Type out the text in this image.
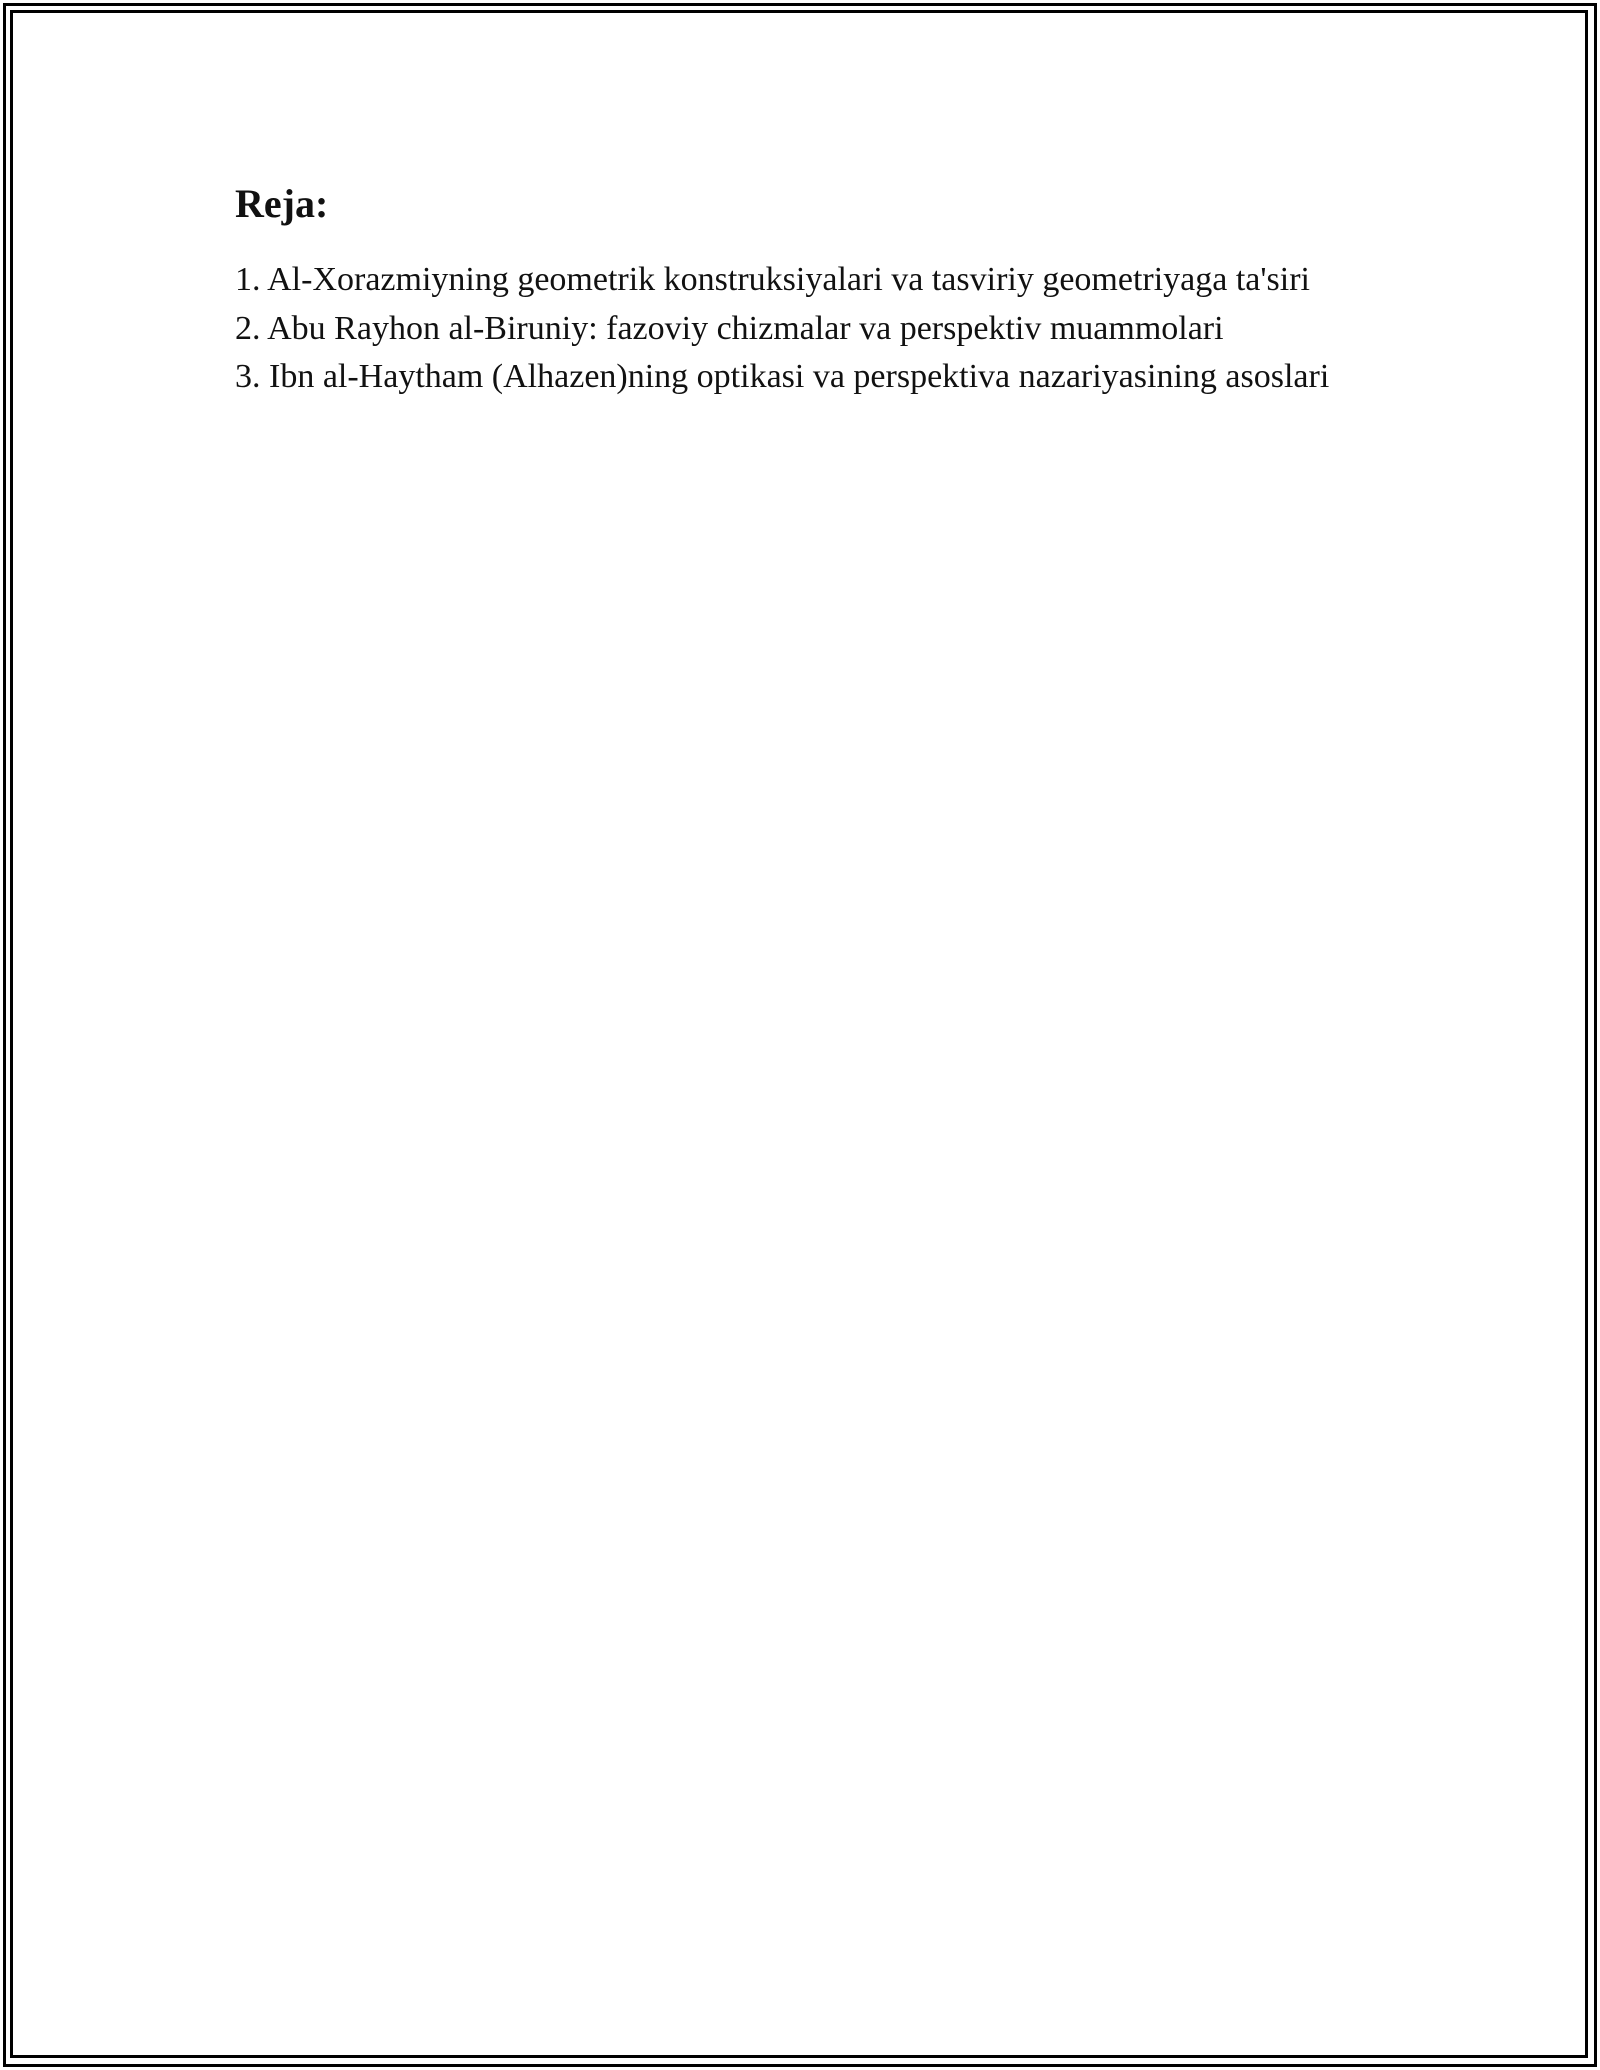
Reja:
1. Al-Xorazmiyning geometrik konstruksiyalari va tasviriy geometriyaga ta'siri
2. Abu Rayhon al-Biruniy: fazoviy chizmalar va perspektiv muammolari
3. Ibn al-Haytham (Alhazen)ning optikasi va perspektiva nazariyasining asoslari
